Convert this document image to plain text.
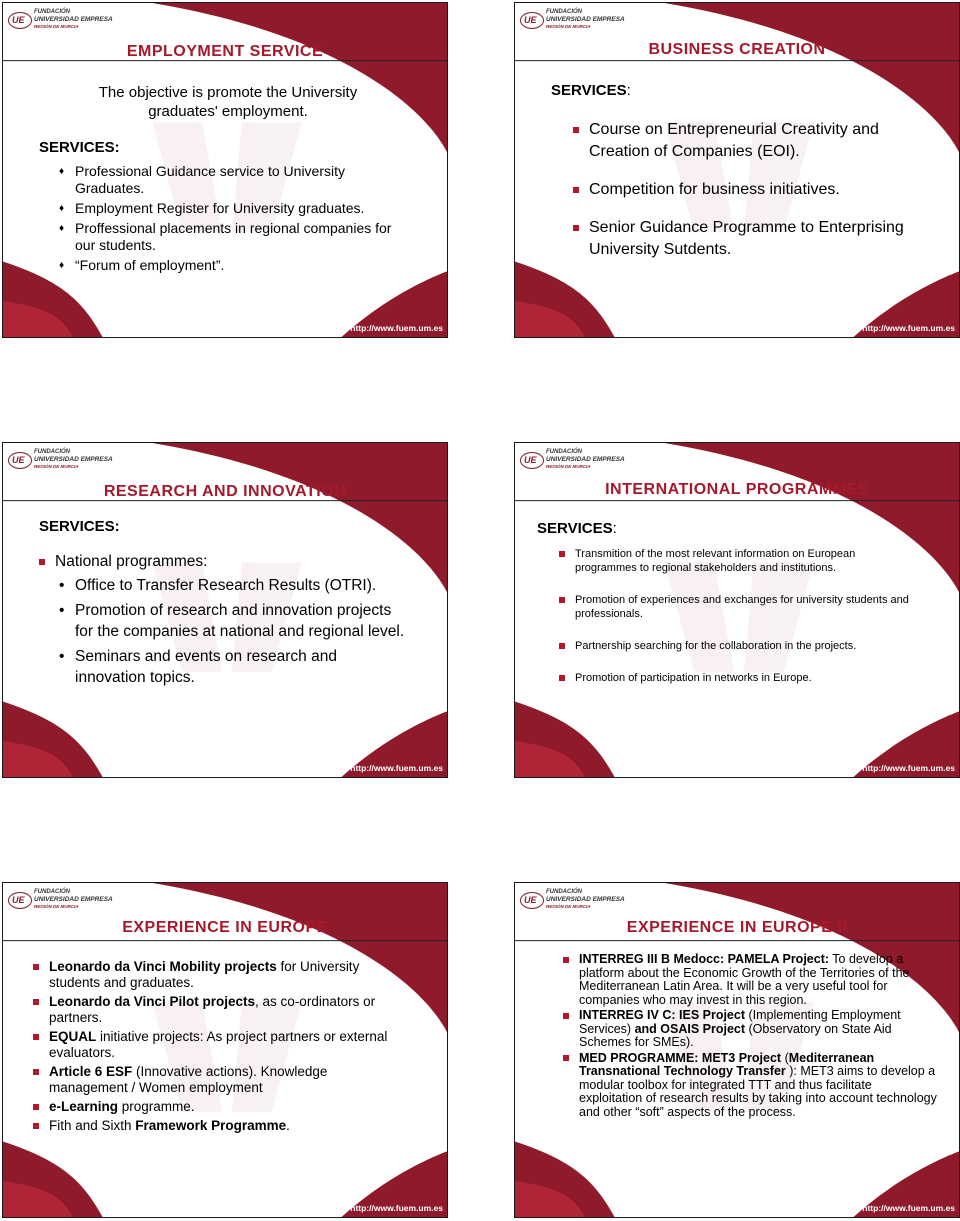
UE
FUNDACIÓN
UNIVERSIDAD EMPRESA
REGIÓN DE MURCIA
EMPLOYMENT SERVICE
The objective is promote the University graduates' employment.
SERVICES:
♦ Professional Guidance service to University Graduates.
♦ Employment Register for University graduates.
♦ Proffessional placements in regional companies for our students.
♦ “Forum of employment”.
http://www.fuem.um.es
UE
FUNDACIÓN
UNIVERSIDAD EMPRESA
REGIÓN DE MURCIA
BUSINESS CREATION
SERVICES:
Course on Entrepreneurial Creativity and Creation of Companies (EOI).
Competition for business initiatives.
Senior Guidance Programme to Enterprising University Sutdents.
http://www.fuem.um.es
UE
FUNDACIÓN
UNIVERSIDAD EMPRESA
REGIÓN DE MURCIA
RESEARCH AND INNOVATION
SERVICES:
National programmes:
• Office to Transfer Research Results (OTRI).
• Promotion of research and innovation projects for the companies at national and regional level.
• Seminars and events on research and innovation topics.
http://www.fuem.um.es
UE
FUNDACIÓN
UNIVERSIDAD EMPRESA
REGIÓN DE MURCIA
INTERNATIONAL PROGRAMMES
SERVICES:
Transmition of the most relevant information on European programmes to regional stakeholders and institutions.
Promotion of experiences and exchanges for university students and professionals.
Partnership searching for the collaboration in the projects.
Promotion of participation in networks in Europe.
http://www.fuem.um.es
UE
FUNDACIÓN
UNIVERSIDAD EMPRESA
REGIÓN DE MURCIA
EXPERIENCE IN EUROPE
Leonardo da Vinci Mobility projects for University students and graduates.
Leonardo da Vinci Pilot projects, as co-ordinators or partners.
EQUAL initiative projects: As project partners or external evaluators.
Article 6 ESF (Innovative actions). Knowledge management / Women employment
e-Learning programme.
Fith and Sixth Framework Programme.
http://www.fuem.um.es
UE
FUNDACIÓN
UNIVERSIDAD EMPRESA
REGIÓN DE MURCIA
EXPERIENCE IN EUROPE II
INTERREG III B Medocc: PAMELA Project: To develop a platform about the Economic Growth of the Territories of the Mediterranean Latin Area. It will be a very useful tool for companies who may invest in this region.
INTERREG IV C: IES Project (Implementing Employment Services) and OSAIS Project (Observatory on State Aid Schemes for SMEs).
MED PROGRAMME: MET3 Project (Mediterranean Transnational Technology Transfer ): MET3 aims to develop a modular toolbox for integrated TTT and thus facilitate exploitation of research results by taking into account technology and other “soft” aspects of the process.
http://www.fuem.um.es
